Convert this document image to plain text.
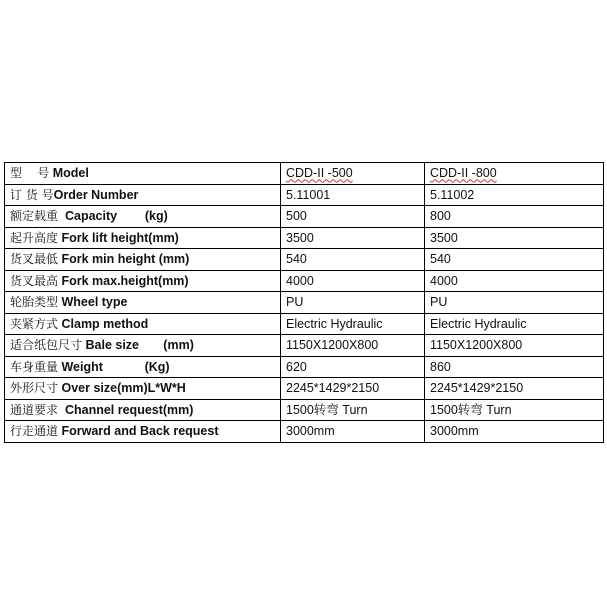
型    号 Model	CDD-II -500	CDD-II -800
订 货 号Order Number	5.11001	5.11002
额定载重  Capacity        (kg)	500	800
起升高度 Fork lift height(mm)	3500	3500
货叉最低 Fork min height (mm)	540	540
货叉最高 Fork max.height(mm)	4000	4000
轮胎类型 Wheel type	PU	PU
夹紧方式 Clamp method	Electric Hydraulic	Electric Hydraulic
适合纸包尺寸 Bale size       (mm)	1150X1200X800	1150X1200X800
车身重量 Weight            (Kg)	620	860
外形尺寸 Over size(mm)L*W*H	2245*1429*2150	2245*1429*2150
通道要求  Channel request(mm)	1500转弯 Turn	1500转弯 Turn
行走通道 Forward and Back request	3000mm	3000mm
